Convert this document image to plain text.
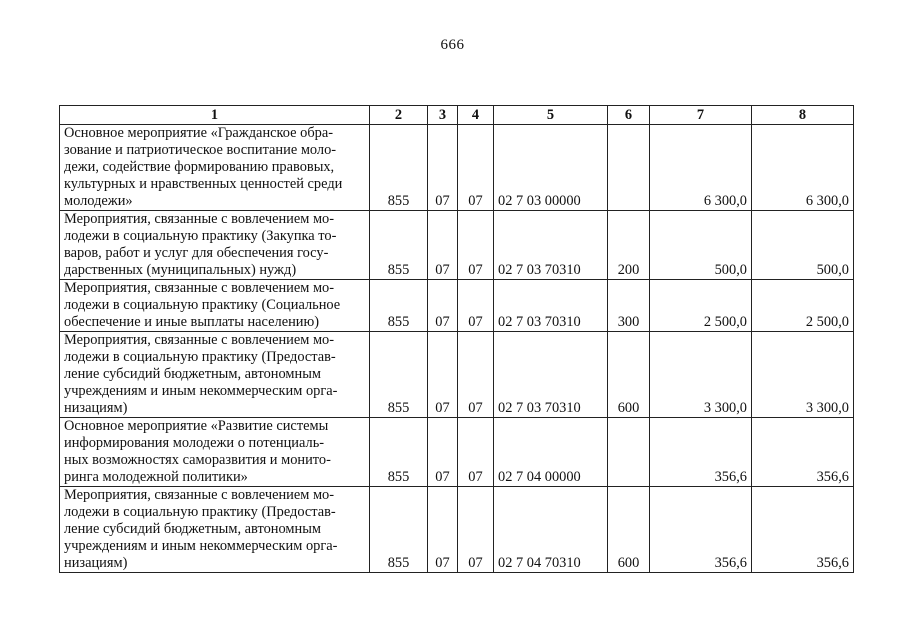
666
1	2	3	4	5	6	7	8

Основное мероприятие «Гражданское обра-
зование и патриотическое воспитание моло-
дежи, содействие формированию правовых,
культурных и нравственных ценностей среди
молодежи»	855	07	07	02 7 03 00000		6 300,0	6 300,0

Мероприятия, связанные с вовлечением мо-
лодежи в социальную практику (Закупка то-
варов, работ и услуг для обеспечения госу-
дарственных (муниципальных) нужд)	855	07	07	02 7 03 70310	200	500,0	500,0

Мероприятия, связанные с вовлечением мо-
лодежи в социальную практику (Социальное
обеспечение и иные выплаты населению)	855	07	07	02 7 03 70310	300	2 500,0	2 500,0

Мероприятия, связанные с вовлечением мо-
лодежи в социальную практику (Предостав-
ление субсидий бюджетным, автономным
учреждениям и иным некоммерческим орга-
низациям)	855	07	07	02 7 03 70310	600	3 300,0	3 300,0

Основное мероприятие «Развитие системы
информирования молодежи о потенциаль-
ных возможностях саморазвития и монито-
ринга молодежной политики»	855	07	07	02 7 04 00000		356,6	356,6

Мероприятия, связанные с вовлечением мо-
лодежи в социальную практику (Предостав-
ление субсидий бюджетным, автономным
учреждениям и иным некоммерческим орга-
низациям)	855	07	07	02 7 04 70310	600	356,6	356,6
